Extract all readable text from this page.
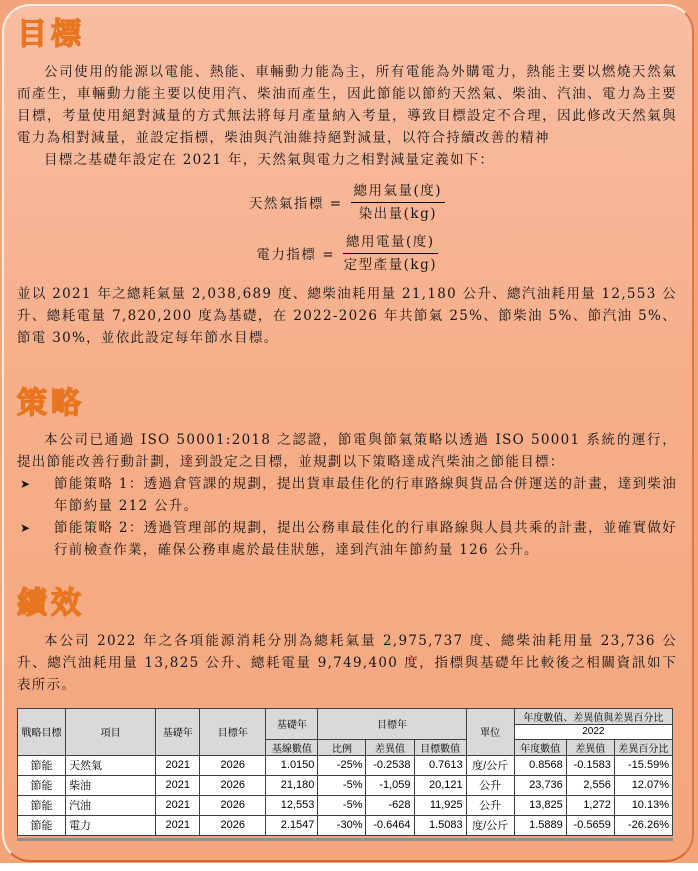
目標

公司使用的能源以電能、熱能、車輛動力能為主，所有電能為外購電力，熱能主要以燃燒天然氣而產生，車輛動力能主要以使用汽、柴油而產生，因此節能以節約天然氣、柴油、汽油、電力為主要目標，考量使用絕對減量的方式無法將每月產量納入考量，導致目標設定不合理，因此修改天然氣與電力為相對減量，並設定指標，柴油與汽油維持絕對減量，以符合持續改善的精神

目標之基礎年設定在 2021 年，天然氣與電力之相對減量定義如下：

天然氣指標 = $\frac{\text{總用氣量(度)}}{\text{染出量(kg)}}$
電力指標 = $\frac{\text{總用電量(度)}}{\text{定型產量(kg)}}$

並以 2021 年之總耗氣量 2,038,689 度、總柴油耗用量 21,180 公升、總汽油耗用量 12,553 公升、總耗電量 7,820,200 度為基礎，在 2022-2026 年共節氣 25%、節柴油 5%、節汽油 5%、節電 30%，並依此設定每年節水目標。

策略

本公司已通過 ISO 50001:2018 之認證，節電與節氣策略以透過 ISO 50001 系統的運行，提出節能改善行動計劃，達到設定之目標，並規劃以下策略達成汽柴油之節能目標：

➤	節能策略 1：透過倉管課的規劃，提出貨車最佳化的行車路線與貨品合併運送的計畫，達到柴油年節約量 212 公升。
➤	節能策略 2：透過管理部的規劃，提出公務車最佳化的行車路線與人員共乘的計畫，並確實做好行前檢查作業，確保公務車處於最佳狀態，達到汽油年節約量 126 公升。
績效

本公司 2022 年之各項能源消耗分別為總耗氣量 2,975,737 度、總柴油耗用量 23,736 公升、總汽油耗用量 13,825 公升、總耗電量 9,749,400 度，指標與基礎年比較後之相關資訊如下表所示。

戰略目標	項目	基礎年	目標年	基礎年	目標年			單位	年度數值、差異值與差異百分比		
									2022		
				基線數值	比例	差異值	目標數值		年度數值	差異值	差異百分比
節能	天然氣	2021	2026	1.0150	-25%	-0.2538	0.7613	度/公斤	0.8568	-0.1583	-15.59%
節能	柴油	2021	2026	21,180	-5%	-1,059	20,121	公升	23,736	2,556	12.07%
節能	汽油	2021	2026	12,553	-5%	-628	11,925	公升	13,825	1,272	10.13%
節能	電力	2021	2026	2.1547	-30%	-0.6464	1.5083	度/公斤	1.5889	-0.5659	-26.26%
